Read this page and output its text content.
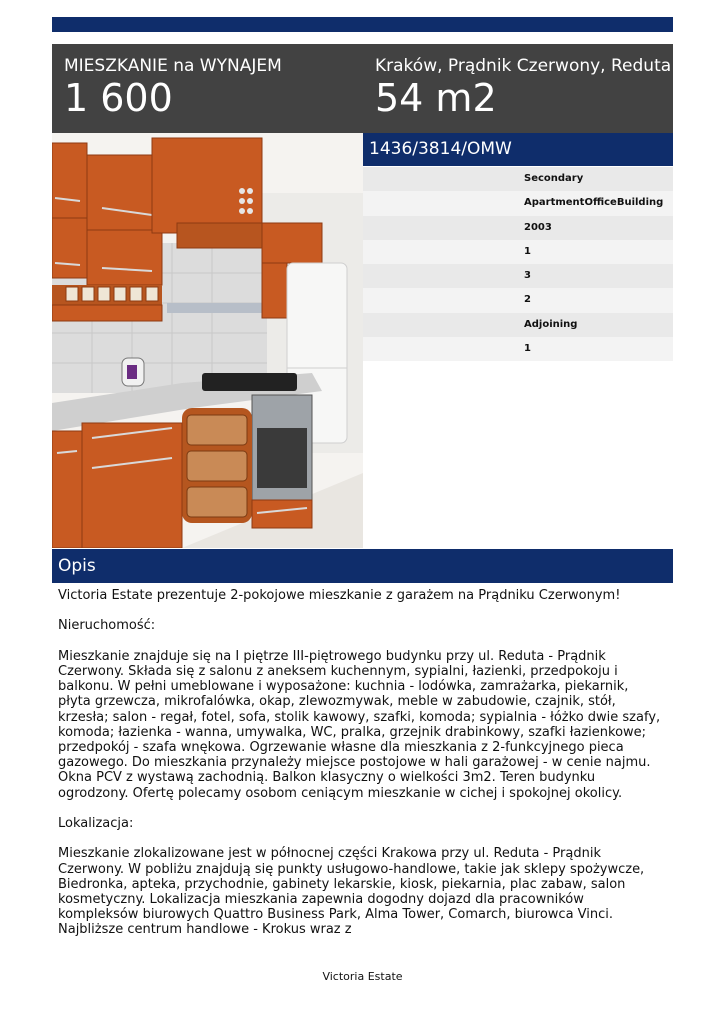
MIESZKANIE na WYNAJEM
1 600
Kraków, Prądnik Czerwony, Reduta
54 m2
1436/3814/OMW
Secondary
ApartmentOfficeBuilding
2003
1
3
2
Adjoining
1
Opis

Victoria Estate prezentuje 2-pokojowe mieszkanie z garażem na Prądniku Czerwonym!

Nieruchomość:

Mieszkanie znajduje się na I piętrze III-piętrowego budynku przy ul. Reduta - Prądnik Czerwony. Składa się z salonu z aneksem kuchennym, sypialni, łazienki, przedpokoju i balkonu. W pełni umeblowane i wyposażone: kuchnia - lodówka, zamrażarka, piekarnik, płyta grzewcza, mikrofalówka, okap, zlewozmywak, meble w zabudowie, czajnik, stół, krzesła; salon - regał, fotel, sofa, stolik kawowy, szafki, komoda; sypialnia - łóżko dwie szafy, komoda; łazienka - wanna, umywalka, WC, pralka, grzejnik drabinkowy, szafki łazienkowe; przedpokój - szafa wnękowa. Ogrzewanie własne dla mieszkania z 2-funkcyjnego pieca gazowego. Do mieszkania przynależy miejsce postojowe w hali garażowej - w cenie najmu. Okna PCV z wystawą zachodnią. Balkon klasyczny o wielkości 3m2. Teren budynku ogrodzony. Ofertę polecamy osobom ceniącym mieszkanie w cichej i spokojnej okolicy.

Lokalizacja:

Mieszkanie zlokalizowane jest w północnej części Krakowa przy ul. Reduta - Prądnik Czerwony. W pobliżu znajdują się punkty usługowo-handlowe, takie jak sklepy spożywcze, Biedronka, apteka, przychodnie, gabinety lekarskie, kiosk, piekarnia, plac zabaw, salon kosmetyczny. Lokalizacja mieszkania zapewnia dogodny dojazd dla pracowników kompleksów biurowych Quattro Business Park, Alma Tower, Comarch, biurowca Vinci. Najbliższe centrum handlowe - Krokus wraz z

Victoria Estate
